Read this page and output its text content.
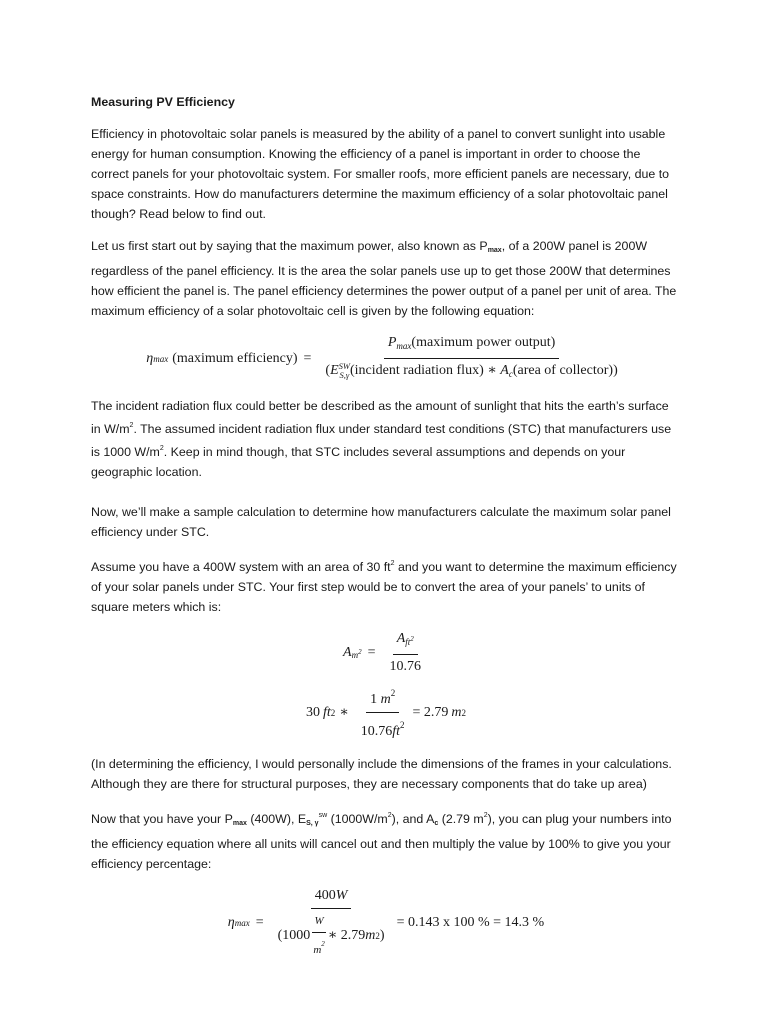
Measuring PV Efficiency

Efficiency in photovoltaic solar panels is measured by the ability of a panel to convert sunlight into usable energy for human consumption. Knowing the efficiency of a panel is important in order to choose the correct panels for your photovoltaic system. For smaller roofs, more efficient panels are necessary, due to space constraints. How do manufacturers determine the maximum efficiency of a solar photovoltaic panel though? Read below to find out.

Let us first start out by saying that the maximum power, also known as $P_{max}$, of a 200W panel is 200W regardless of the panel efficiency. It is the area the solar panels use up to get those 200W that determines how efficient the panel is. The panel efficiency determines the power output of a panel per unit of area. The maximum efficiency of a solar photovoltaic cell is given by the following equation:

η max (maximum efficiency) = $P_{max}(maximum$ power output)
(E SW
S,γ (incident radiation flux) ∗ $A_c(area$ of collector))

The incident radiation flux could better be described as the amount of sunlight that hits the earth’s surface in $W/m^2$. The assumed incident radiation flux under standard test conditions (STC) that manufacturers use is 1000 $W/m^2$. Keep in mind though, that STC includes several assumptions and depends on your geographic location.

Now, we’ll make a sample calculation to determine how manufacturers calculate the maximum solar panel efficiency under STC.

Assume you have a 400W system with an area of 30 $ft^2$ and you want to determine the maximum efficiency of your solar panels under STC. Your first step would be to convert the area of your panels’ to units of square meters which is:

A $m^2 = \frac{A_{ft^2}}{10.76}$
30 ft 2 ∗ $\frac{1 m^2}{10.76ft^2} = 2.79$ m 2

(In determining the efficiency, I would personally include the dimensions of the frames in your calculations. Although they are there for structural purposes, they are necessary components that do take up area)

Now that you have your $P_{max}$ (400W), $E_{S, \gamma}^{sw}$ $(1000W/m^2)$, and $A_c$ (2.79 $m^2$), you can plug your numbers into the efficiency equation where all units will cancel out and then multiply the value by 100% to give you your efficiency percentage:

η max =
400W
($1000 \frac{W}{m^2}$ ∗ 2.79 m 2 )
= 0.143 x 100 % = 14.3 %
